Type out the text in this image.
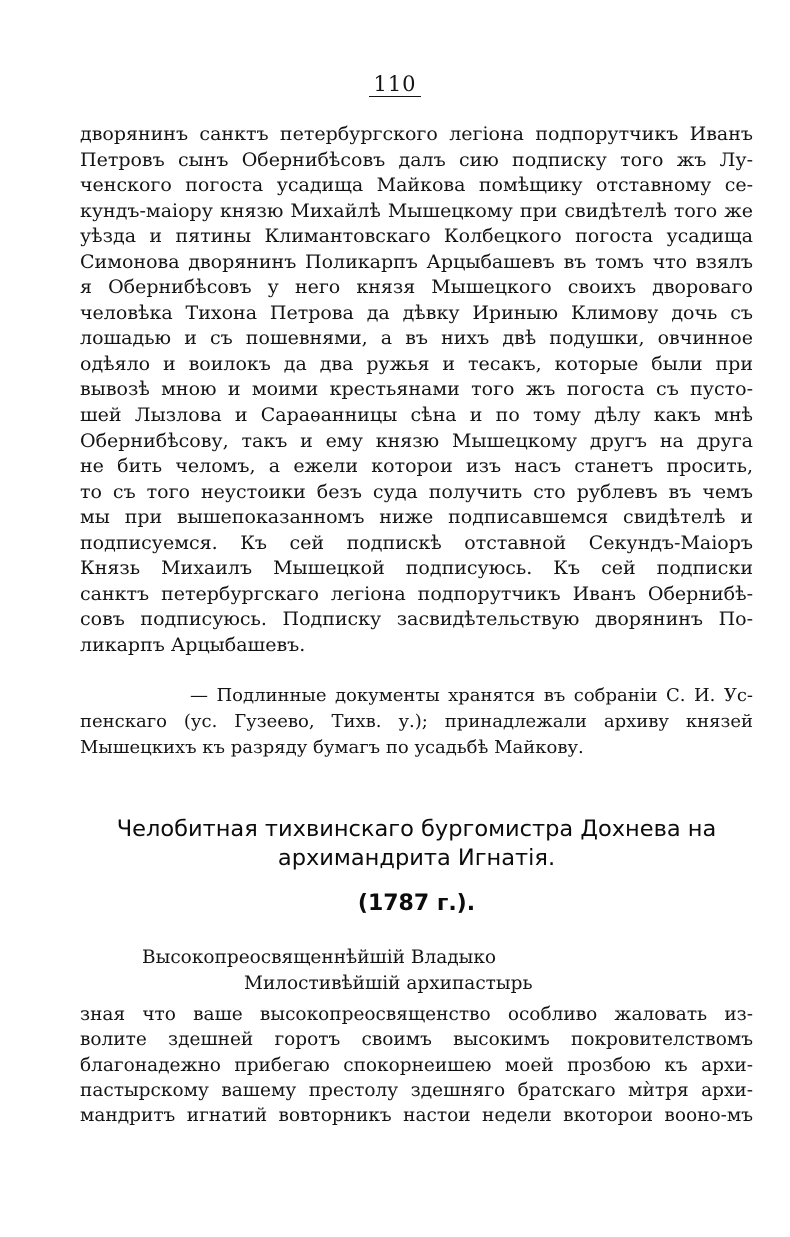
110
дворянинъ санктъ петербургского легіона подпорутчикъ Иванъ
Петровъ сынъ Обернибѣсовъ далъ сию подписку того жъ Лу-
ченского погоста усадища Майкова помѣщику отставному се-
кундъ-маіору князю Михайлѣ Мышецкому при свидѣтелѣ того же
уѣзда и пятины Климантовскаго Колбецкого погоста усадища
Симонова дворянинъ Поликарпъ Арцыбашевъ въ томъ что взялъ
я Обернибѣсовъ у него князя Мышецкого своихъ двороваго
человѣка Тихона Петрова да дѣвку Ириныю Климову дочь съ
лошадью и съ пошевнями, а въ нихъ двѣ подушки, овчинное
одѣяло и воилокъ да два ружья и тесакъ, которые были при
вывозѣ мною и моими крестьянами того жъ погоста съ пусто-
шей Лызлова и Сараѳанницы сѣна и по тому дѣлу какъ мнѣ
Обернибѣсову, такъ и ему князю Мышецкому другъ на друга
не бить челомъ, а ежели которои изъ насъ станетъ просить,
то съ того неустоики безъ суда получить сто рублевъ въ чемъ
мы при вышепоказанномъ ниже подписавшемся свидѣтелѣ и
подписуемся. Къ сей подпискѣ отставной Секундъ-Маіоръ
Князь Михаилъ Мышецкой подписуюсь. Къ сей подписки
санктъ петербургскаго легіона подпорутчикъ Иванъ Обернибѣ-
совъ подписуюсь. Подписку засвидѣтельствую дворянинъ По-
ликарпъ Арцыбашевъ.
— Подлинные документы хранятся въ собраніи С. И. Ус-
пенскаго (ус. Гузеево, Тихв. у.); принадлежали архиву князей
Мышецкихъ къ разряду бумагъ по усадьбѣ Майкову.
Челобитная тихвинскаго бургомистра Дохнева на
архимандрита Игнатія.
(1787 г.).
Высокопреосвященнѣйшій Владыко
Милостивѣйшій архипастырь
зная что ваше высокопреосвященство особливо жаловать из-
волите здешней горотъ своимъ высокимъ покровителствомъ
благонадежно прибегаю спокорнеишею моей прозбою къ архи-
пастырскому вашему престолу здешняго братскаго мѝтря архи-
мандритъ игнатий вовторникъ настои недели вкоторои вооно-мъ
